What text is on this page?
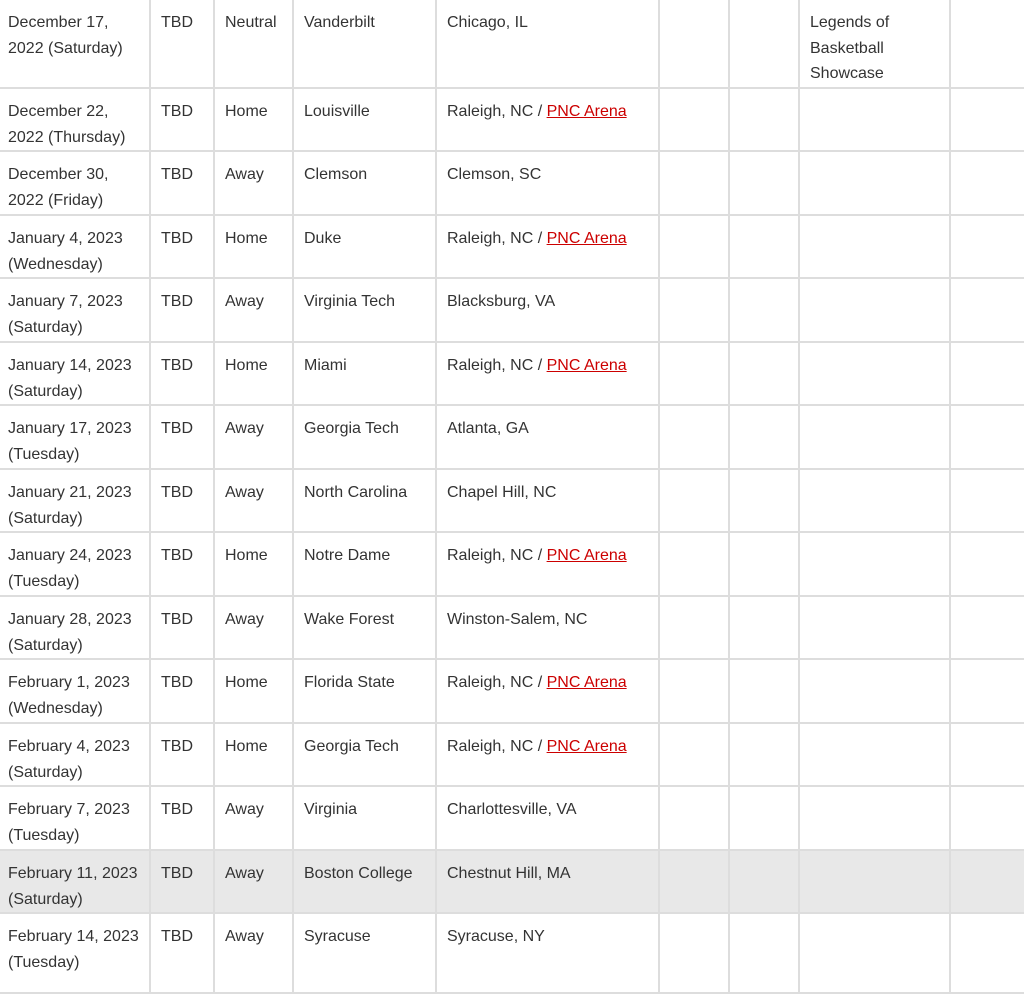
December 17, 2022 (Saturday)	TBD	Neutral	Vanderbilt	Chicago, IL			Legends of Basketball Showcase	
December 22, 2022 (Thursday)	TBD	Home	Louisville	Raleigh, NC / PNC Arena				
December 30, 2022 (Friday)	TBD	Away	Clemson	Clemson, SC				
January 4, 2023 (Wednesday)	TBD	Home	Duke	Raleigh, NC / PNC Arena				
January 7, 2023 (Saturday)	TBD	Away	Virginia Tech	Blacksburg, VA				
January 14, 2023 (Saturday)	TBD	Home	Miami	Raleigh, NC / PNC Arena				
January 17, 2023 (Tuesday)	TBD	Away	Georgia Tech	Atlanta, GA				
January 21, 2023 (Saturday)	TBD	Away	North Carolina	Chapel Hill, NC				
January 24, 2023 (Tuesday)	TBD	Home	Notre Dame	Raleigh, NC / PNC Arena				
January 28, 2023 (Saturday)	TBD	Away	Wake Forest	Winston-Salem, NC				
February 1, 2023 (Wednesday)	TBD	Home	Florida State	Raleigh, NC / PNC Arena				
February 4, 2023 (Saturday)	TBD	Home	Georgia Tech	Raleigh, NC / PNC Arena				
February 7, 2023 (Tuesday)	TBD	Away	Virginia	Charlottesville, VA				
February 11, 2023 (Saturday)	TBD	Away	Boston College	Chestnut Hill, MA				
February 14, 2023 (Tuesday)	TBD	Away	Syracuse	Syracuse, NY				
